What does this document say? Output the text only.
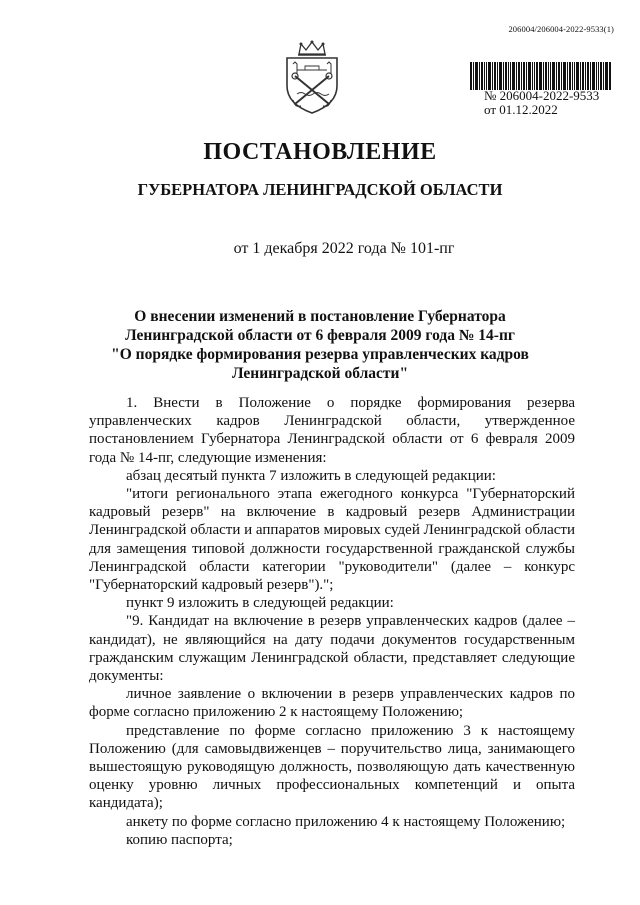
206004/206004-2022-9533(1)
№ 206004-2022-9533
от 01.12.2022
ПОСТАНОВЛЕНИЕ
ГУБЕРНАТОРА ЛЕНИНГРАДСКОЙ ОБЛАСТИ
от 1 декабря 2022 года № 101-пг
О внесении изменений в постановление Губернатора
Ленинградской области от 6 февраля 2009 года № 14-пг
"О порядке формирования резерва управленческих кадров
Ленинградской области"

1. Внести в Положение о порядке формирования резерва управленческих кадров Ленинградской области, утвержденное постановлением Губернатора Ленинградской области от 6 февраля 2009 года № 14-пг, следующие изменения:

абзац десятый пункта 7 изложить в следующей редакции:

"итоги регионального этапа ежегодного конкурса "Губернаторский кадровый резерв" на включение в кадровый резерв Администрации Ленинградской области и аппаратов мировых судей Ленинградской области для замещения типовой должности государственной гражданской службы Ленинградской области категории "руководители" (далее – конкурс "Губернаторский кадровый резерв").";

пункт 9 изложить в следующей редакции:

"9. Кандидат на включение в резерв управленческих кадров (далее – кандидат), не являющийся на дату подачи документов государственным гражданским служащим Ленинградской области, представляет следующие документы:

личное заявление о включении в резерв управленческих кадров по форме согласно приложению 2 к настоящему Положению;

представление по форме согласно приложению 3 к настоящему Положению (для самовыдвиженцев – поручительство лица, занимающего вышестоящую руководящую должность, позволяющую дать качественную оценку уровню личных профессиональных компетенций и опыта кандидата);

анкету по форме согласно приложению 4 к настоящему Положению;

копию паспорта;
